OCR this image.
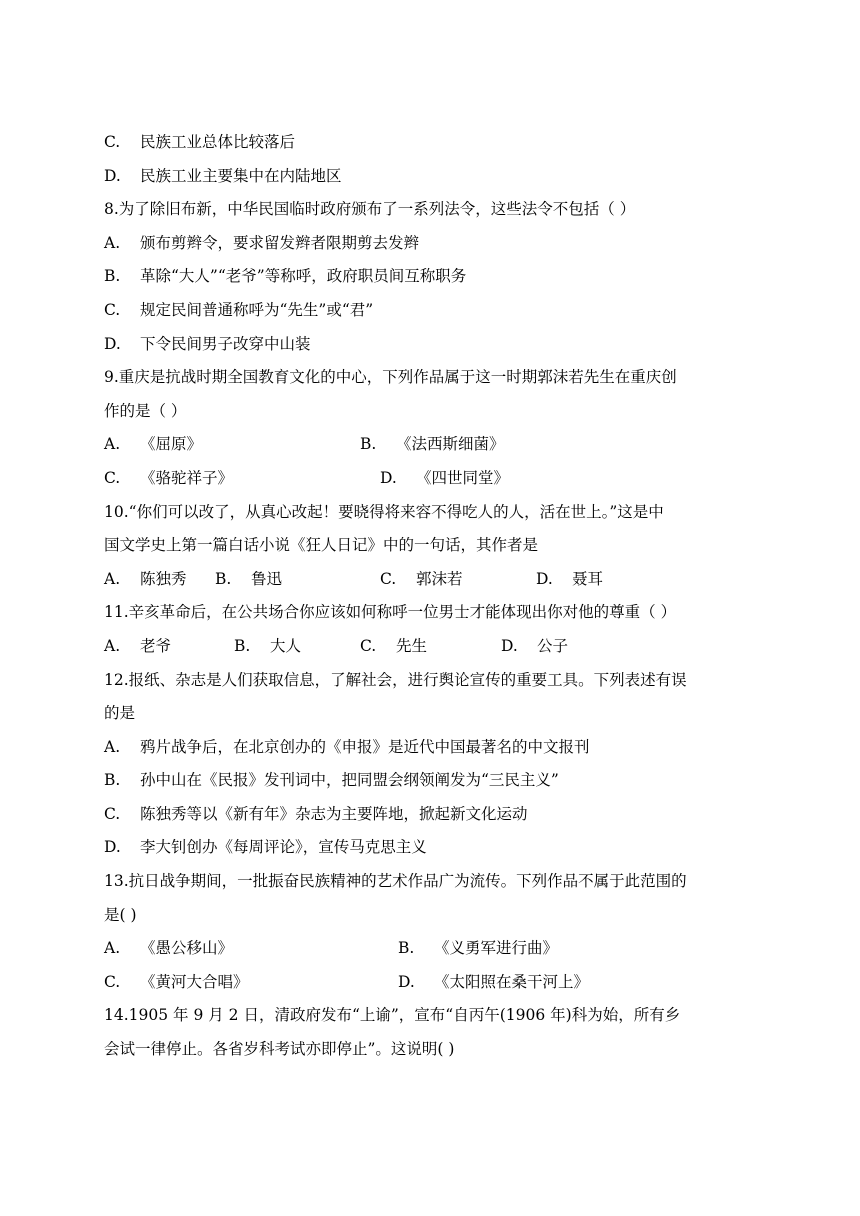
C. 民族工业总体比较落后
D. 民族工业主要集中在内陆地区
8.为了除旧布新，中华民国临时政府颁布了一系列法令，这些法令不包括（ ）
A. 颁布剪辫令，要求留发辫者限期剪去发辫
B. 革除“大人”“老爷”等称呼，政府职员间互称职务
C. 规定民间普通称呼为“先生”或“君”
D. 下令民间男子改穿中山装
9.重庆是抗战时期全国教育文化的中心，下列作品属于这一时期郭沫若先生在重庆创
作的是（ ）
A. 《屈原》	B. 《法西斯细菌》
C. 《骆驼祥子》	D. 《四世同堂》
10.“你们可以改了，从真心改起！要晓得将来容不得吃人的人，活在世上。”这是中
国文学史上第一篇白话小说《狂人日记》中的一句话，其作者是
A. 陈独秀 B. 鲁迅	C. 郭沫若	D. 聂耳
11.辛亥革命后，在公共场合你应该如何称呼一位男士才能体现出你对他的尊重（ ）
A. 老爷	B. 大人	C. 先生	D. 公子
12.报纸、杂志是人们获取信息，了解社会，进行舆论宣传的重要工具。下列表述有误
的是
A. 鸦片战争后，在北京创办的《申报》是近代中国最著名的中文报刊
B. 孙中山在《民报》发刊词中，把同盟会纲领阐发为“三民主义”
C. 陈独秀等以《新有年》杂志为主要阵地，掀起新文化运动
D. 李大钊创办《每周评论》，宣传马克思主义
13.抗日战争期间，一批振奋民族精神的艺术作品广为流传。下列作品不属于此范围的
是( )
A. 《愚公移山》	B. 《义勇军进行曲》
C. 《黄河大合唱》	D. 《太阳照在桑干河上》
14.1905 年 9 月 2 日，清政府发布“上谕”，宣布“自丙午(1906 年)科为始，所有乡
会试一律停止。各省岁科考试亦即停止”。这说明( )
